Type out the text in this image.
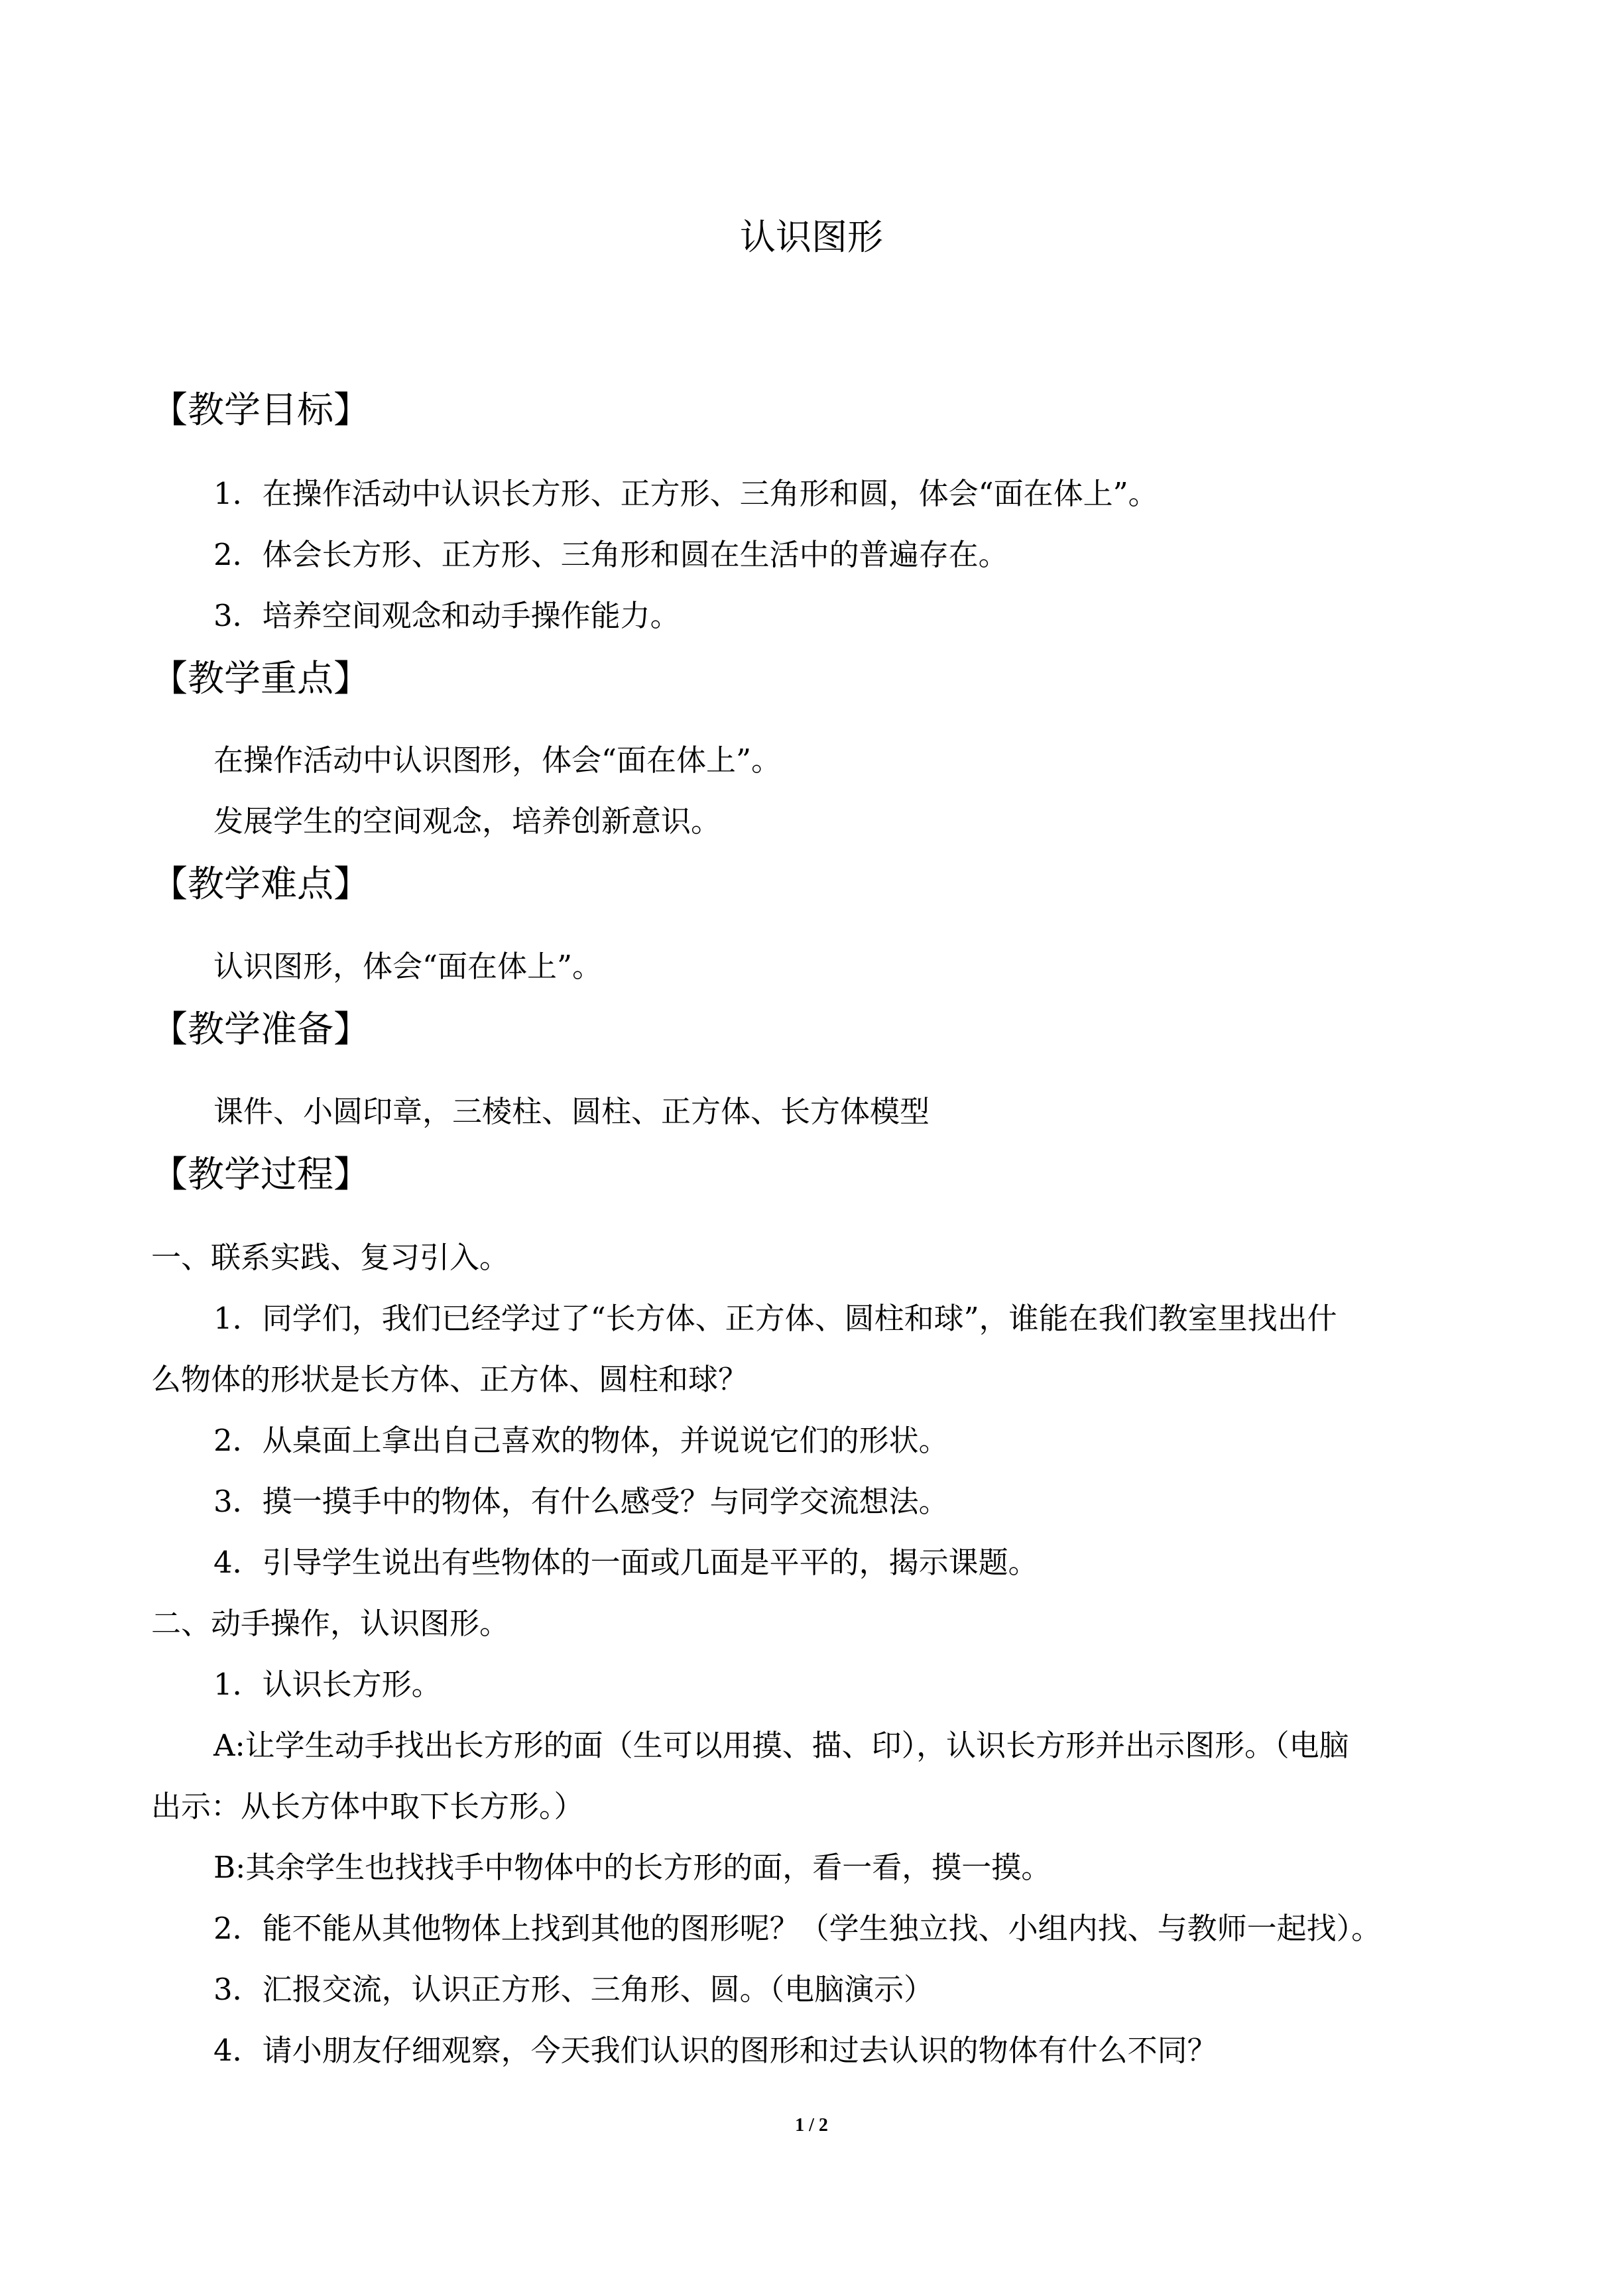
认识图形
【教学目标】
1．在操作活动中认识长方形、正方形、三角形和圆，体会“面在体上”。
2．体会长方形、正方形、三角形和圆在生活中的普遍存在。
3．培养空间观念和动手操作能力。
【教学重点】
在操作活动中认识图形，体会“面在体上”。
发展学生的空间观念，培养创新意识。
【教学难点】
认识图形，体会“面在体上”。
【教学准备】
课件、小圆印章，三棱柱、圆柱、正方体、长方体模型
【教学过程】
一、联系实践、复习引入。
1．同学们，我们已经学过了“长方体、正方体、圆柱和球”，谁能在我们教室里找出什
么物体的形状是长方体、正方体、圆柱和球？
2．从桌面上拿出自己喜欢的物体，并说说它们的形状。
3．摸一摸手中的物体，有什么感受？与同学交流想法。
4．引导学生说出有些物体的一面或几面是平平的，揭示课题。
二、动手操作，认识图形。
1．认识长方形。
A:让学生动手找出长方形的面（生可以用摸、描、印），认识长方形并出示图形。（电脑
出示：从长方体中取下长方形。）
B:其余学生也找找手中物体中的长方形的面，看一看，摸一摸。
2．能不能从其他物体上找到其他的图形呢？（学生独立找、小组内找、与教师一起找）。
3．汇报交流，认识正方形、三角形、圆。（电脑演示）
4．请小朋友仔细观察，今天我们认识的图形和过去认识的物体有什么不同？
1 / 2
